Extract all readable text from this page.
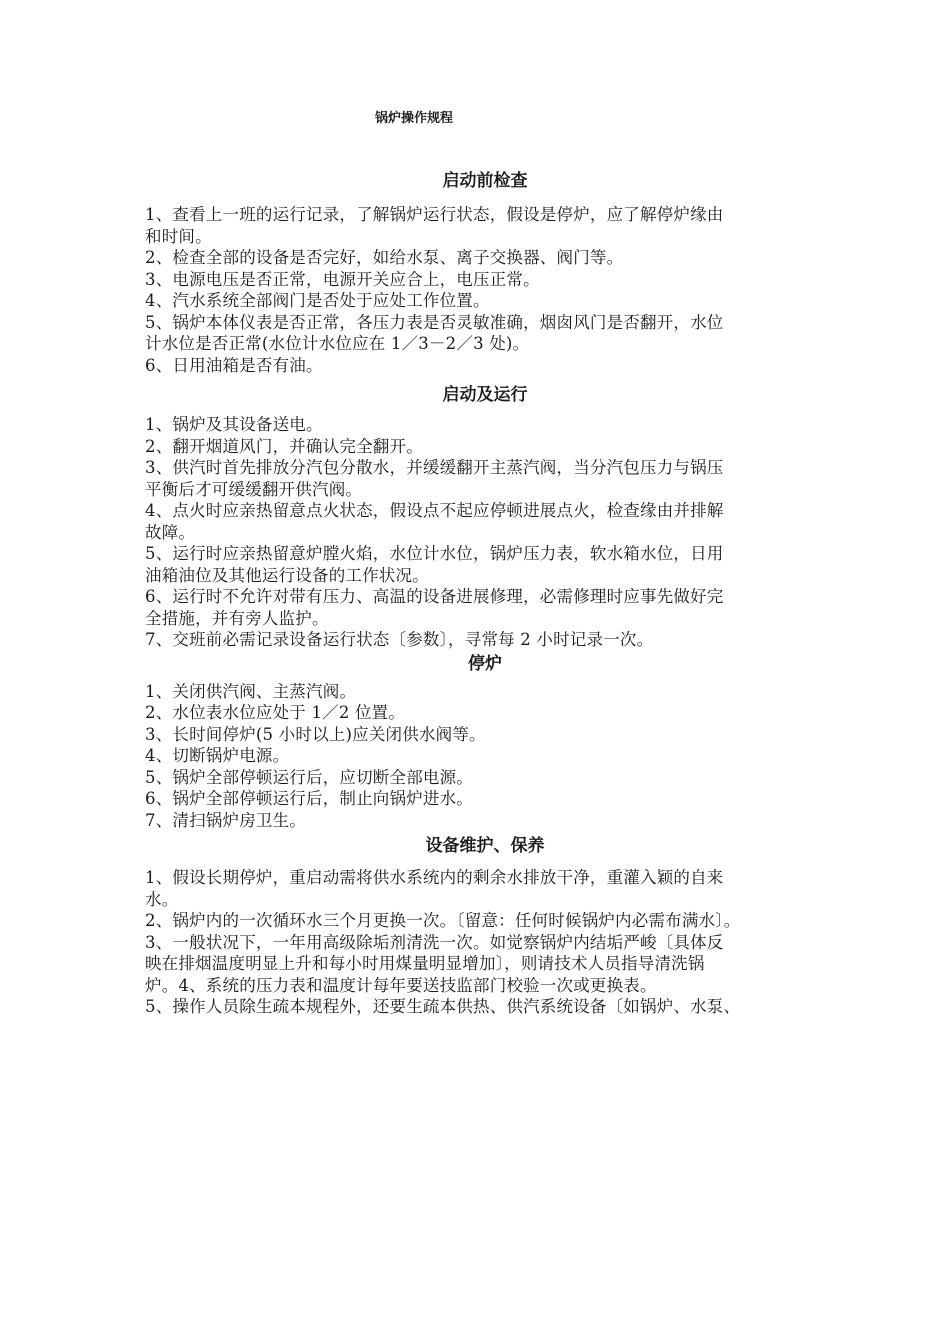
锅炉操作规程
启动前检查

1、查看上一班的运行记录，了解锅炉运行状态，假设是停炉，应了解停炉缘由
和时间。

2、检查全部的设备是否完好，如给水泵、离子交换器、阀门等。

3、电源电压是否正常，电源开关应合上，电压正常。

4、汽水系统全部阀门是否处于应处工作位置。

5、锅炉本体仪表是否正常，各压力表是否灵敏准确，烟囱风门是否翻开，水位
计水位是否正常(水位计水位应在 1／3－2／3 处)。

6、日用油箱是否有油。

启动及运行

1、锅炉及其设备送电。

2、翻开烟道风门，并确认完全翻开。

3、供汽时首先排放分汽包分散水，并缓缓翻开主蒸汽阀，当分汽包压力与锅压
平衡后才可缓缓翻开供汽阀。

4、点火时应亲热留意点火状态，假设点不起应停顿进展点火，检查缘由并排解
故障。

5、运行时应亲热留意炉膛火焰，水位计水位，锅炉压力表，软水箱水位，日用
油箱油位及其他运行设备的工作状况。

6、运行时不允许对带有压力、高温的设备进展修理，必需修理时应事先做好完
全措施，并有旁人监护。

7、交班前必需记录设备运行状态〔参数〕，寻常每 2 小时记录一次。

停炉

1、关闭供汽阀、主蒸汽阀。

2、水位表水位应处于 1／2 位置。

3、长时间停炉(5 小时以上)应关闭供水阀等。

4、切断锅炉电源。

5、锅炉全部停顿运行后，应切断全部电源。

6、锅炉全部停顿运行后，制止向锅炉进水。

7、清扫锅炉房卫生。

设备维护、保养

1、假设长期停炉，重启动需将供水系统内的剩余水排放干净，重灌入颖的自来
水。

2、锅炉内的一次循环水三个月更换一次。〔留意：任何时候锅炉内必需布满水〕。

3、一般状况下，一年用高级除垢剂清洗一次。如觉察锅炉内结垢严峻〔具体反
映在排烟温度明显上升和每小时用煤量明显增加〕，则请技术人员指导清洗锅
炉。4、系统的压力表和温度计每年要送技监部门校验一次或更换表。

5、操作人员除生疏本规程外，还要生疏本供热、供汽系统设备〔如锅炉、水泵、
